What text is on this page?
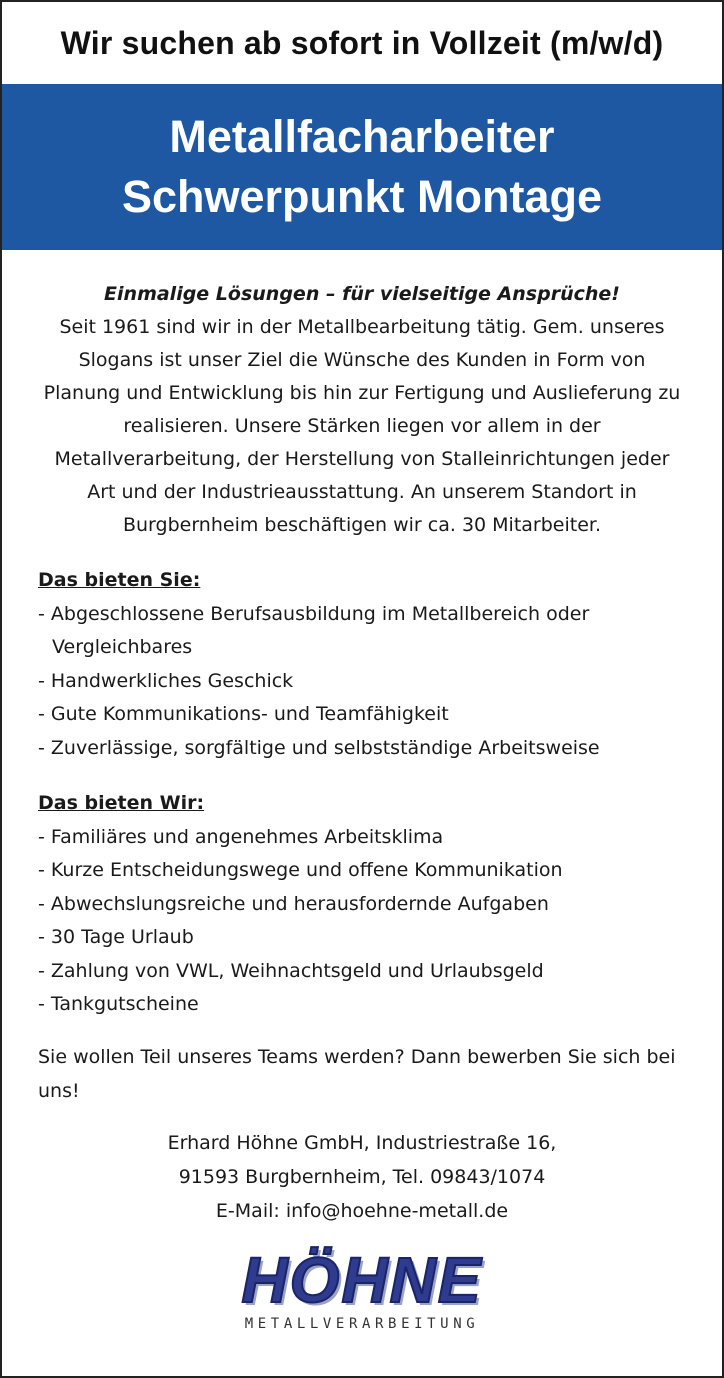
Wir suchen ab sofort in Vollzeit (m/w/d)
Metallfacharbeiter
Schwerpunkt Montage
Einmalige Lösungen – für vielseitige Ansprüche!
Seit 1961 sind wir in der Metallbearbeitung tätig. Gem. unseres Slogans ist unser Ziel die Wünsche des Kunden in Form von Planung und Entwicklung bis hin zur Fertigung und Auslieferung zu realisieren. Unsere Stärken liegen vor allem in der Metallverarbeitung, der Herstellung von Stalleinrichtungen jeder Art und der Industrieausstattung. An unserem Standort in Burgbernheim beschäftigen wir ca. 30 Mitarbeiter.
Das bieten Sie:
- Abgeschlossene Berufsausbildung im Metallbereich oder Vergleichbares
- Handwerkliches Geschick
- Gute Kommunikations- und Teamfähigkeit
- Zuverlässige, sorgfältige und selbstständige Arbeitsweise
Das bieten Wir:
- Familiäres und angenehmes Arbeitsklima
- Kurze Entscheidungswege und offene Kommunikation
- Abwechslungsreiche und herausfordernde Aufgaben
- 30 Tage Urlaub
- Zahlung von VWL, Weihnachtsgeld und Urlaubsgeld
- Tankgutscheine
Sie wollen Teil unseres Teams werden? Dann bewerben Sie sich bei uns!
Erhard Höhne GmbH, Industriestraße 16,
91593 Burgbernheim, Tel. 09843/1074
E-Mail: info@hoehne-metall.de
HÖHNE
METALLVERARBEITUNG
